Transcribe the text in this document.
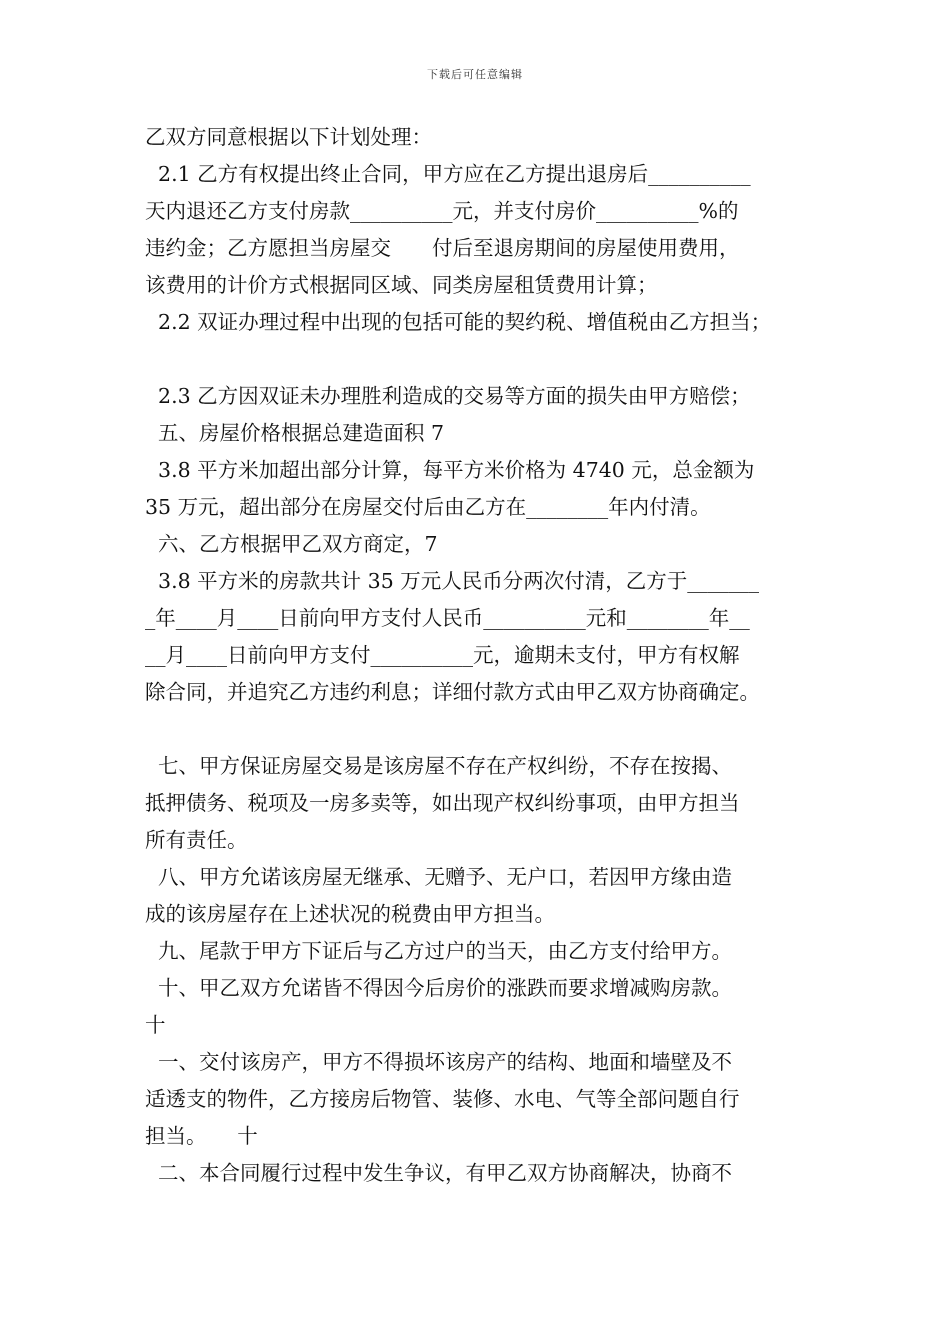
下载后可任意编辑
乙双方同意根据以下计划处理：
2.1 乙方有权提出终止合同，甲方应在乙方提出退房后__________
天内退还乙方支付房款__________元，并支付房价__________%的
违约金；乙方愿担当房屋交　　付后至退房期间的房屋使用费用，
该费用的计价方式根据同区域、同类房屋租赁费用计算；
2.2 双证办理过程中出现的包括可能的契约税、增值税由乙方担当；
2.3 乙方因双证未办理胜利造成的交易等方面的损失由甲方赔偿；
五、房屋价格根据总建造面积 7
3.8 平方米加超出部分计算，每平方米价格为 4740 元，总金额为
35 万元，超出部分在房屋交付后由乙方在________年内付清。
六、乙方根据甲乙双方商定，7
3.8 平方米的房款共计 35 万元人民币分两次付清，乙方于_______
_年____月____日前向甲方支付人民币__________元和________年__
__月____日前向甲方支付__________元，逾期未支付，甲方有权解
除合同，并追究乙方违约利息；详细付款方式由甲乙双方协商确定。
七、甲方保证房屋交易是该房屋不存在产权纠纷，不存在按揭、
抵押债务、税项及一房多卖等，如出现产权纠纷事项，由甲方担当
所有责任。
八、甲方允诺该房屋无继承、无赠予、无户口，若因甲方缘由造
成的该房屋存在上述状况的税费由甲方担当。
九、尾款于甲方下证后与乙方过户的当天，由乙方支付给甲方。
十、甲乙双方允诺皆不得因今后房价的涨跌而要求增减购房款。
十
一、交付该房产，甲方不得损坏该房产的结构、地面和墙壁及不
适透支的物件，乙方接房后物管、装修、水电、气等全部问题自行
担当。　　十
二、本合同履行过程中发生争议，有甲乙双方协商解决，协商不
